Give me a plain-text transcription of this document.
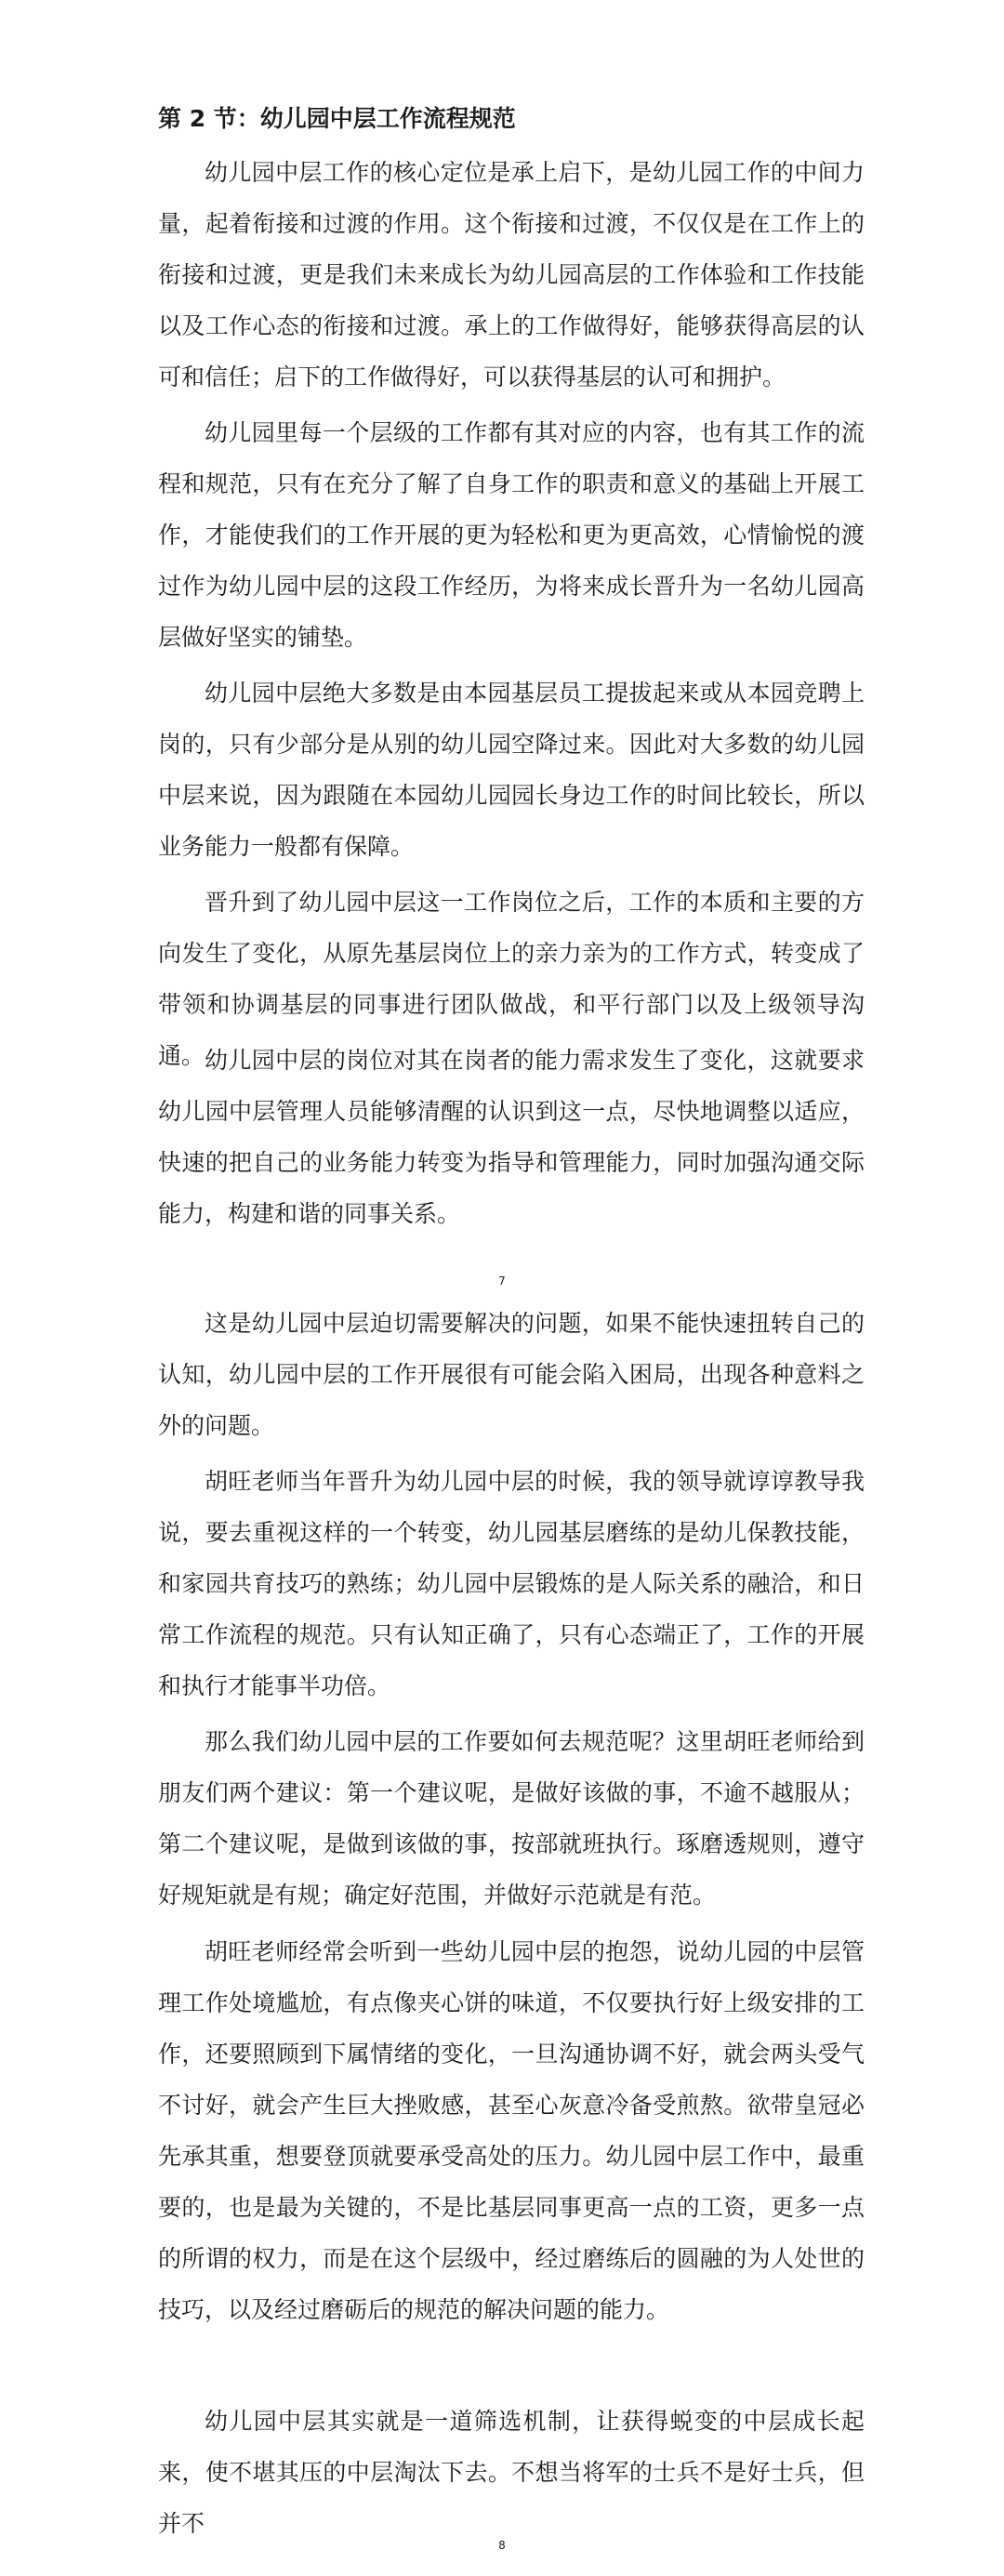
第 2 节：幼儿园中层工作流程规范

幼儿园中层工作的核心定位是承上启下，是幼儿园工作的中间力量，起着衔接和过渡的作用。这个衔接和过渡，不仅仅是在工作上的衔接和过渡，更是我们未来成长为幼儿园高层的工作体验和工作技能以及工作心态的衔接和过渡。承上的工作做得好，能够获得高层的认可和信任；启下的工作做得好，可以获得基层的认可和拥护。

幼儿园里每一个层级的工作都有其对应的内容，也有其工作的流程和规范，只有在充分了解了自身工作的职责和意义的基础上开展工作，才能使我们的工作开展的更为轻松和更为更高效，心情愉悦的渡过作为幼儿园中层的这段工作经历，为将来成长晋升为一名幼儿园高层做好坚实的铺垫。

幼儿园中层绝大多数是由本园基层员工提拔起来或从本园竞聘上岗的，只有少部分是从别的幼儿园空降过来。因此对大多数的幼儿园中层来说，因为跟随在本园幼儿园园长身边工作的时间比较长，所以业务能力一般都有保障。

晋升到了幼儿园中层这一工作岗位之后，工作的本质和主要的方向发生了变化，从原先基层岗位上的亲力亲为的工作方式，转变成了带领和协调基层的同事进行团队做战，和平行部门以及上级领导沟通。 幼儿园中层的岗位对其在岗者的能力需求发生了变化，这就要求幼儿园中层管理人员能够清醒的认识到这一点，尽快地调整以适应，快速的把自己的业务能力转变为指导和管理能力，同时加强沟通交际能力，构建和谐的同事关系。

7

这是幼儿园中层迫切需要解决的问题，如果不能快速扭转自己的认知，幼儿园中层的工作开展很有可能会陷入困局，出现各种意料之外的问题。

胡旺老师当年晋升为幼儿园中层的时候，我的领导就谆谆教导我说，要去重视这样的一个转变，幼儿园基层磨练的是幼儿保教技能，和家园共育技巧的熟练；幼儿园中层锻炼的是人际关系的融洽，和日常工作流程的规范。只有认知正确了，只有心态端正了，工作的开展和执行才能事半功倍。

那么我们幼儿园中层的工作要如何去规范呢？这里胡旺老师给到朋友们两个建议：第一个建议呢，是做好该做的事，不逾不越服从；第二个建议呢，是做到该做的事，按部就班执行。琢磨透规则，遵守好规矩就是有规；确定好范围，并做好示范就是有范。

胡旺老师经常会听到一些幼儿园中层的抱怨，说幼儿园的中层管理工作处境尴尬，有点像夹心饼的味道，不仅要执行好上级安排的工作，还要照顾到下属情绪的变化，一旦沟通协调不好，就会两头受气不讨好，就会产生巨大挫败感，甚至心灰意冷备受煎熬。欲带皇冠必先承其重，想要登顶就要承受高处的压力。幼儿园中层工作中，最重要的，也是最为关键的，不是比基层同事更高一点的工资，更多一点的所谓的权力，而是在这个层级中，经过磨练后的圆融的为人处世的技巧，以及经过磨砺后的规范的解决问题的能力。

幼儿园中层其实就是一道筛选机制，让获得蜕变的中层成长起来，使不堪其压的中层淘汰下去。不想当将军的士兵不是好士兵，但并不

8
